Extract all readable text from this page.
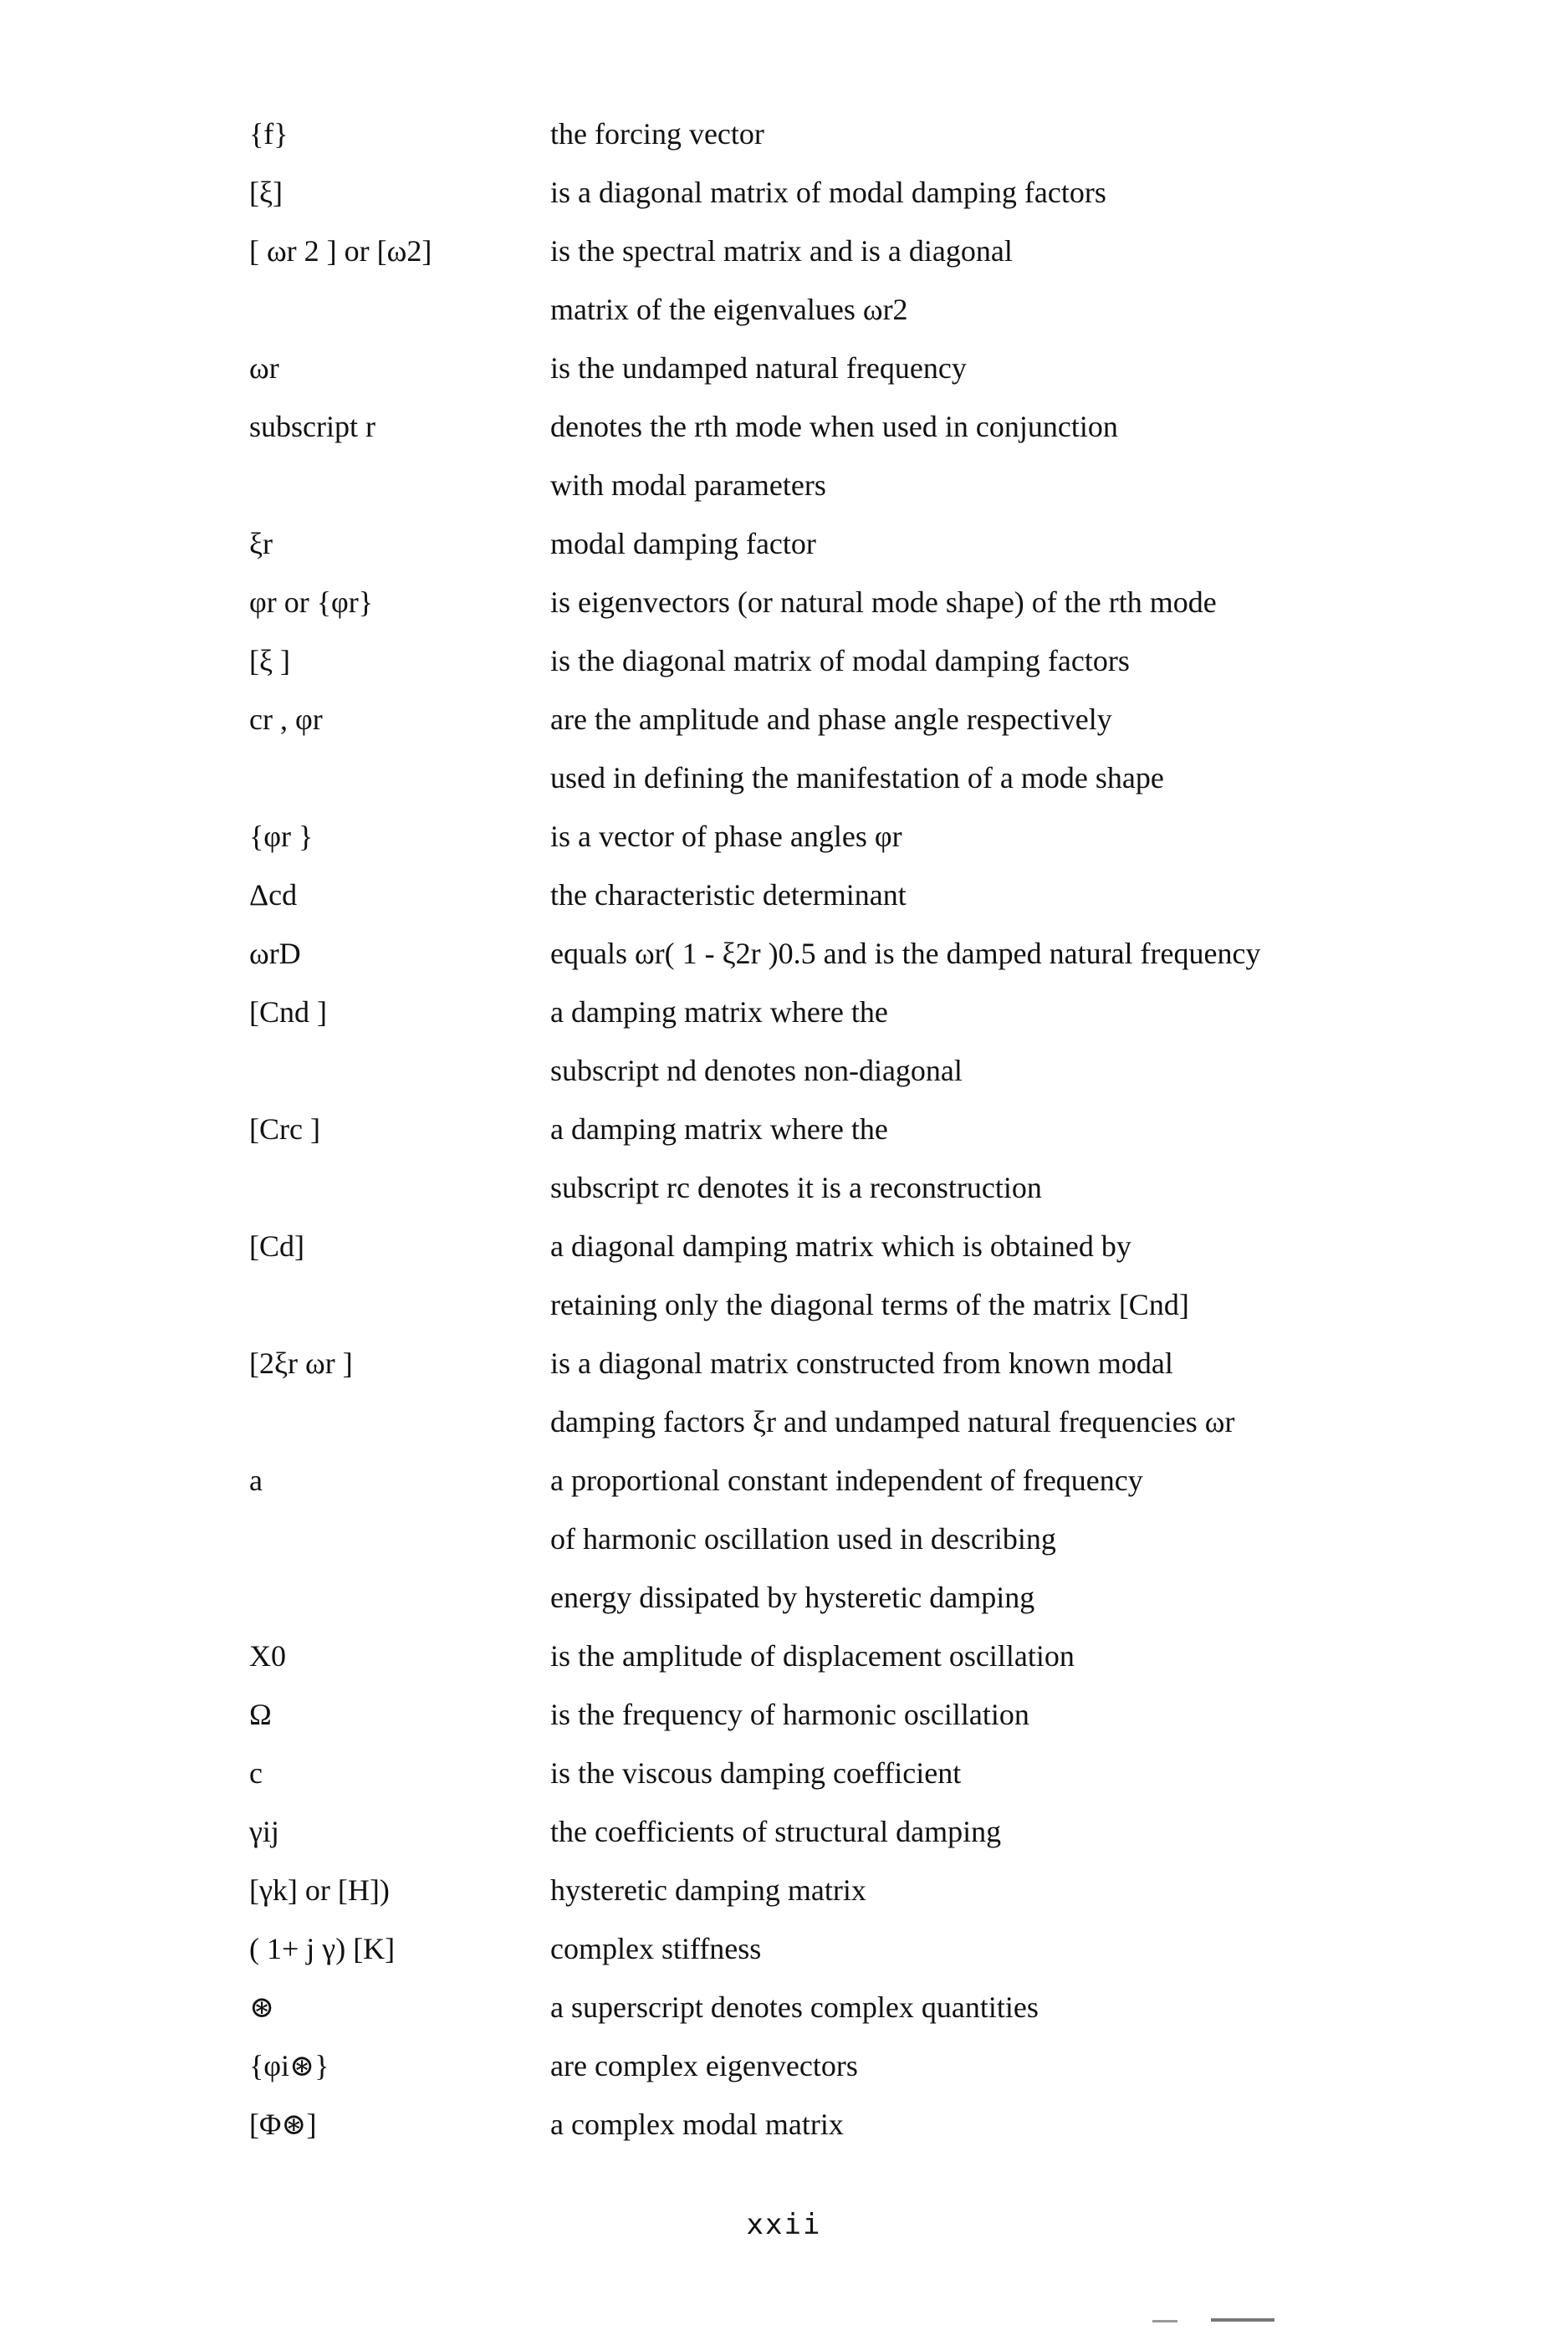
{f}	the forcing vector
[ξ]	is a diagonal matrix of modal damping factors
[ ωr 2 ] or [ω2]	is the spectral matrix and is a diagonal
matrix of the eigenvalues ωr2
ωr	is the undamped natural frequency
subscript r	denotes the rth mode when used in conjunction
with modal parameters
ξr	modal damping factor
φr or {φr}	is eigenvectors (or natural mode shape) of the rth mode
[ξ ]	is the diagonal matrix of modal damping factors
cr , φr	are the amplitude and phase angle respectively
used in defining the manifestation of a mode shape
{φr }	is a vector of phase angles φr
Δcd	the characteristic determinant
ωrD	equals ωr( 1 - ξ2r )0.5 and is the damped natural frequency
[Cnd ]	a damping matrix where the
subscript nd denotes non-diagonal
[Crc ]	a damping matrix where the
subscript rc denotes it is a reconstruction
[Cd]	a diagonal damping matrix which is obtained by
retaining only the diagonal terms of the matrix [Cnd]
[2ξr ωr ]	is a diagonal matrix constructed from known modal
damping factors ξr and undamped natural frequencies ωr
a	a proportional constant independent of frequency
of harmonic oscillation used in describing
energy dissipated by hysteretic damping
X0	is the amplitude of displacement oscillation
Ω	is the frequency of harmonic oscillation
c	is the viscous damping coefficient
γij	the coefficients of structural damping
[γk] or [H])	hysteretic damping matrix
( 1+ j γ) [K]	complex stiffness
⊛	a superscript denotes complex quantities
{φi⊛}	are complex eigenvectors
[Φ⊛]	a complex modal matrix
xxii
